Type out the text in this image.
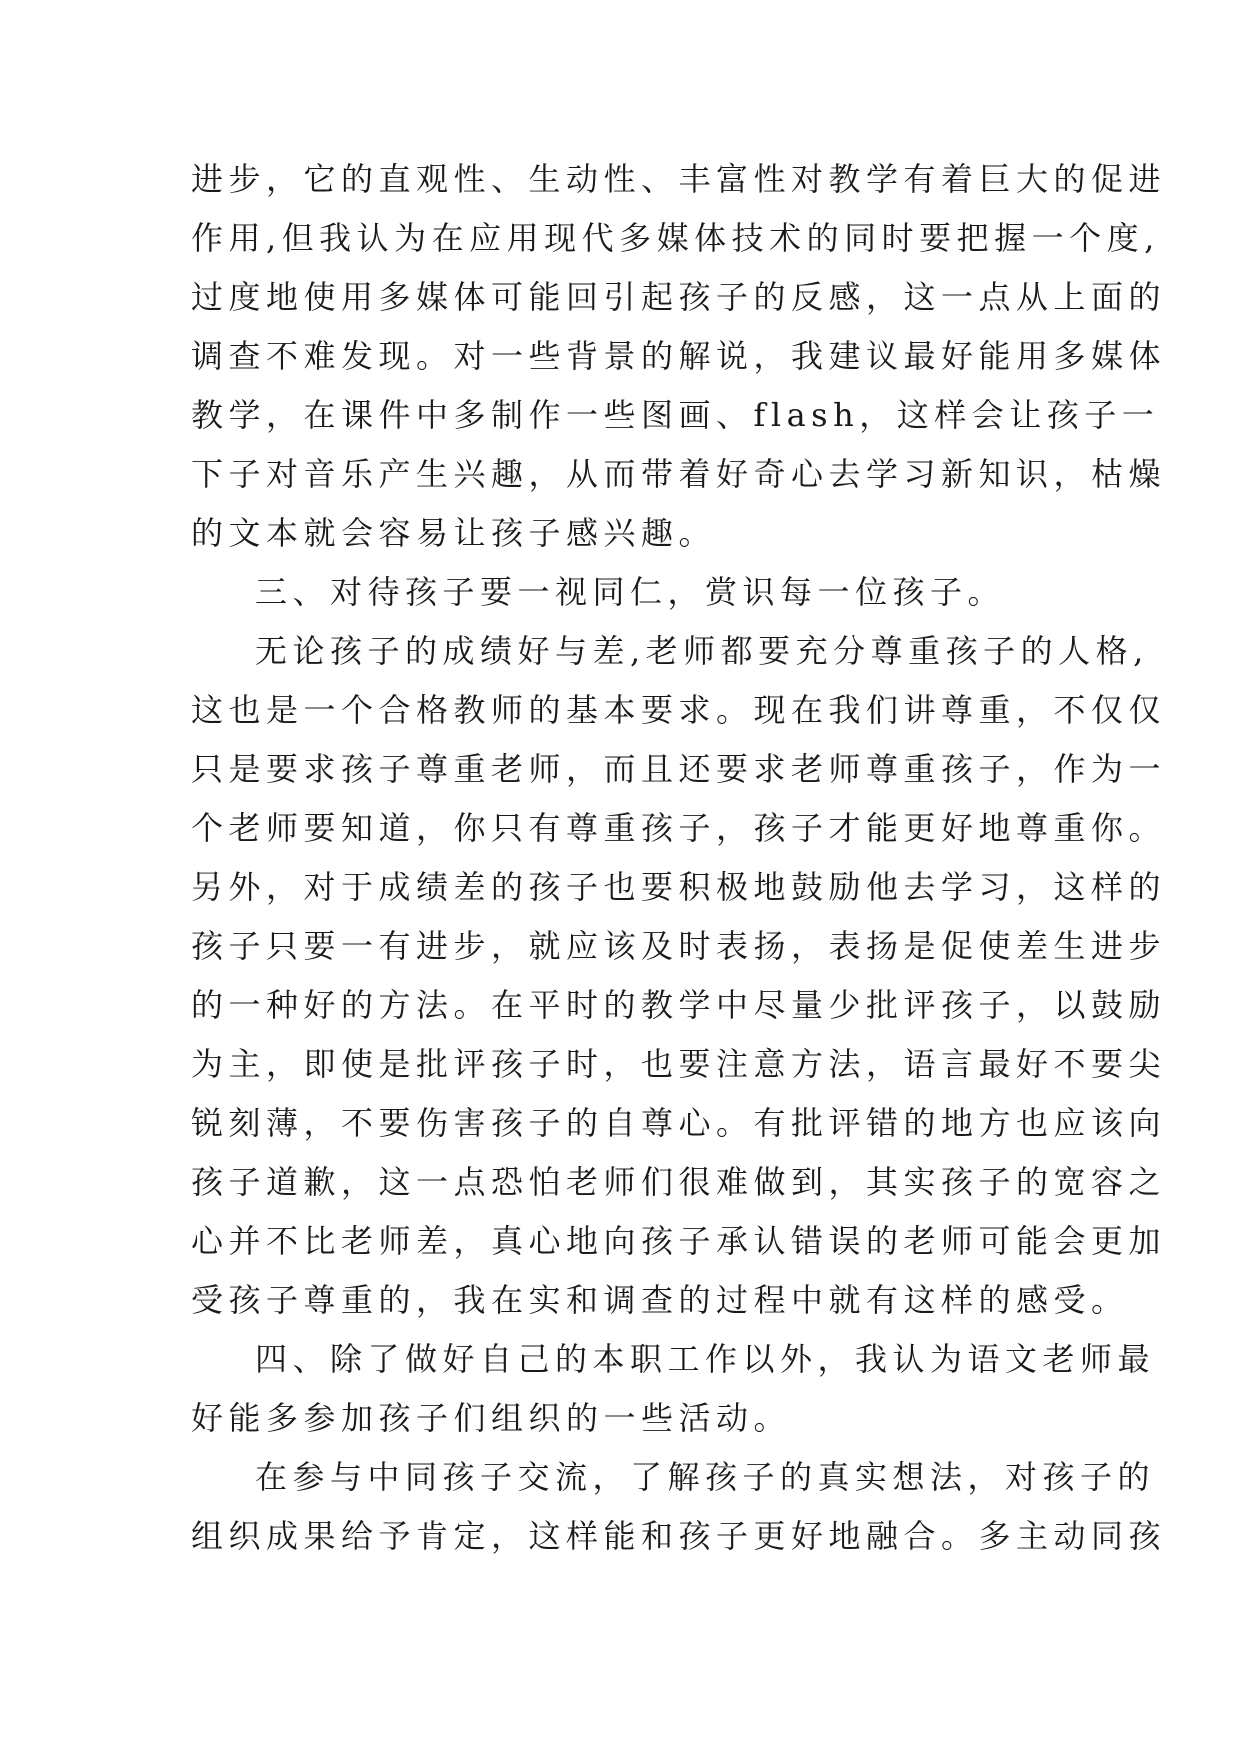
进步，它的直观性、生动性、丰富性对教学有着巨大的促进
作用,但我认为在应用现代多媒体技术的同时要把握一个度,
过度地使用多媒体可能回引起孩子的反感，这一点从上面的
调查不难发现。对一些背景的解说，我建议最好能用多媒体
教学，在课件中多制作一些图画、flash，这样会让孩子一
下子对音乐产生兴趣，从而带着好奇心去学习新知识，枯燥
的文本就会容易让孩子感兴趣。
三、对待孩子要一视同仁，赏识每一位孩子。
无论孩子的成绩好与差,老师都要充分尊重孩子的人格,
这也是一个合格教师的基本要求。现在我们讲尊重，不仅仅
只是要求孩子尊重老师，而且还要求老师尊重孩子，作为一
个老师要知道，你只有尊重孩子，孩子才能更好地尊重你。
另外，对于成绩差的孩子也要积极地鼓励他去学习，这样的
孩子只要一有进步，就应该及时表扬，表扬是促使差生进步
的一种好的方法。在平时的教学中尽量少批评孩子，以鼓励
为主，即使是批评孩子时，也要注意方法，语言最好不要尖
锐刻薄，不要伤害孩子的自尊心。有批评错的地方也应该向
孩子道歉，这一点恐怕老师们很难做到，其实孩子的宽容之
心并不比老师差，真心地向孩子承认错误的老师可能会更加
受孩子尊重的，我在实和调查的过程中就有这样的感受。
四、除了做好自己的本职工作以外，我认为语文老师最
好能多参加孩子们组织的一些活动。
在参与中同孩子交流，了解孩子的真实想法，对孩子的
组织成果给予肯定，这样能和孩子更好地融合。多主动同孩
